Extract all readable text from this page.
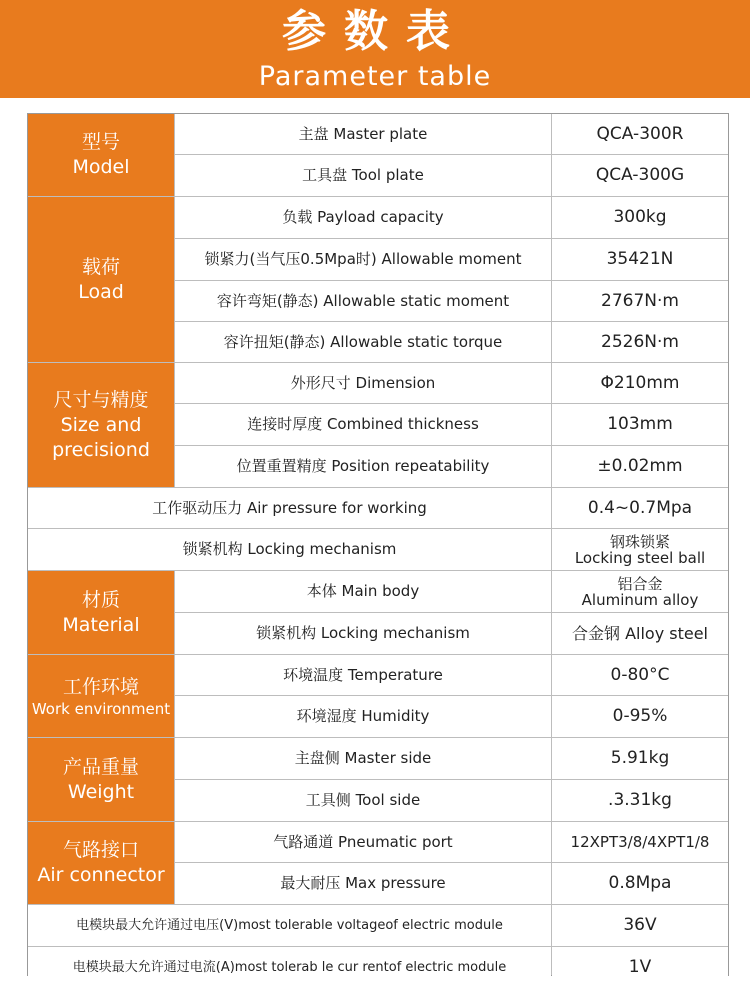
参数表
Parameter table
型号
Model
主盘 Master plate	QCA-300R
工具盘 Tool plate	QCA-300G
载荷
Load
负载 Payload capacity	300kg
锁紧力(当气压0.5Mpa时) Allowable moment	35421N
容许弯矩(静态) Allowable static moment	2767N·m
容许扭矩(静态) Allowable static torque	2526N·m
尺寸与精度
Size and
precisiond
外形尺寸 Dimension	Φ210mm
连接时厚度 Combined thickness	103mm
位置重置精度 Position repeatability	±0.02mm
工作驱动压力 Air pressure for working	0.4~0.7Mpa
锁紧机构 Locking mechanism	钢珠锁紧
Locking steel ball
材质
Material
本体 Main body	铝合金
Aluminum alloy
锁紧机构 Locking mechanism	合金钢 Alloy steel
工作环境
Work environment
环境温度 Temperature	0-80°C
环境湿度 Humidity	0-95%
产品重量
Weight
主盘侧 Master side	5.91kg
工具侧 Tool side	.3.31kg
气路接口
Air connector
气路通道 Pneumatic port	12XPT3/8/4XPT1/8
最大耐压 Max pressure	0.8Mpa
电模块最大允许通过电压(V)most tolerable voltageof electric module	36V
电模块最大允许通过电流(A)most tolerab le cur rentof electric module	1V
